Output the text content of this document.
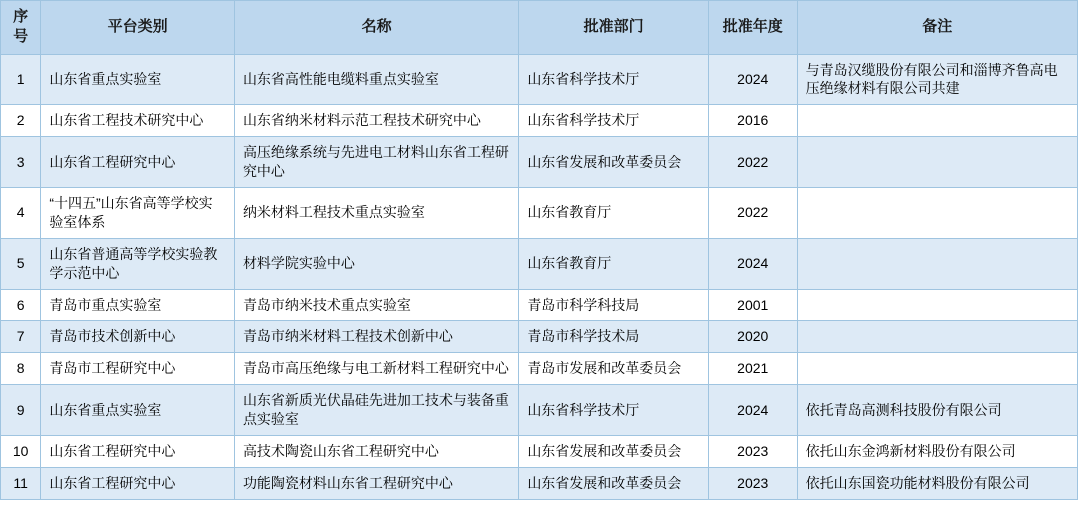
序号	平台类别	名称	批准部门	批准年度	备注
1	山东省重点实验室	山东省高性能电缆料重点实验室	山东省科学技术厅	2024	与青岛汉缆股份有限公司和淄博齐鲁高电压绝缘材料有限公司共建
2	山东省工程技术研究中心	山东省纳米材料示范工程技术研究中心	山东省科学技术厅	2016	
3	山东省工程研究中心	高压绝缘系统与先进电工材料山东省工程研究中心	山东省发展和改革委员会	2022	
4	“十四五”山东省高等学校实验室体系	纳米材料工程技术重点实验室	山东省教育厅	2022	
5	山东省普通高等学校实验教学示范中心	材料学院实验中心	山东省教育厅	2024	
6	青岛市重点实验室	青岛市纳米技术重点实验室	青岛市科学科技局	2001	
7	青岛市技术创新中心	青岛市纳米材料工程技术创新中心	青岛市科学技术局	2020	
8	青岛市工程研究中心	青岛市高压绝缘与电工新材料工程研究中心	青岛市发展和改革委员会	2021	
9	山东省重点实验室	山东省新质光伏晶硅先进加工技术与装备重点实验室	山东省科学技术厅	2024	依托青岛高测科技股份有限公司
10	山东省工程研究中心	高技术陶瓷山东省工程研究中心	山东省发展和改革委员会	2023	依托山东金鸿新材料股份有限公司
11	山东省工程研究中心	功能陶瓷材料山东省工程研究中心	山东省发展和改革委员会	2023	依托山东国瓷功能材料股份有限公司
